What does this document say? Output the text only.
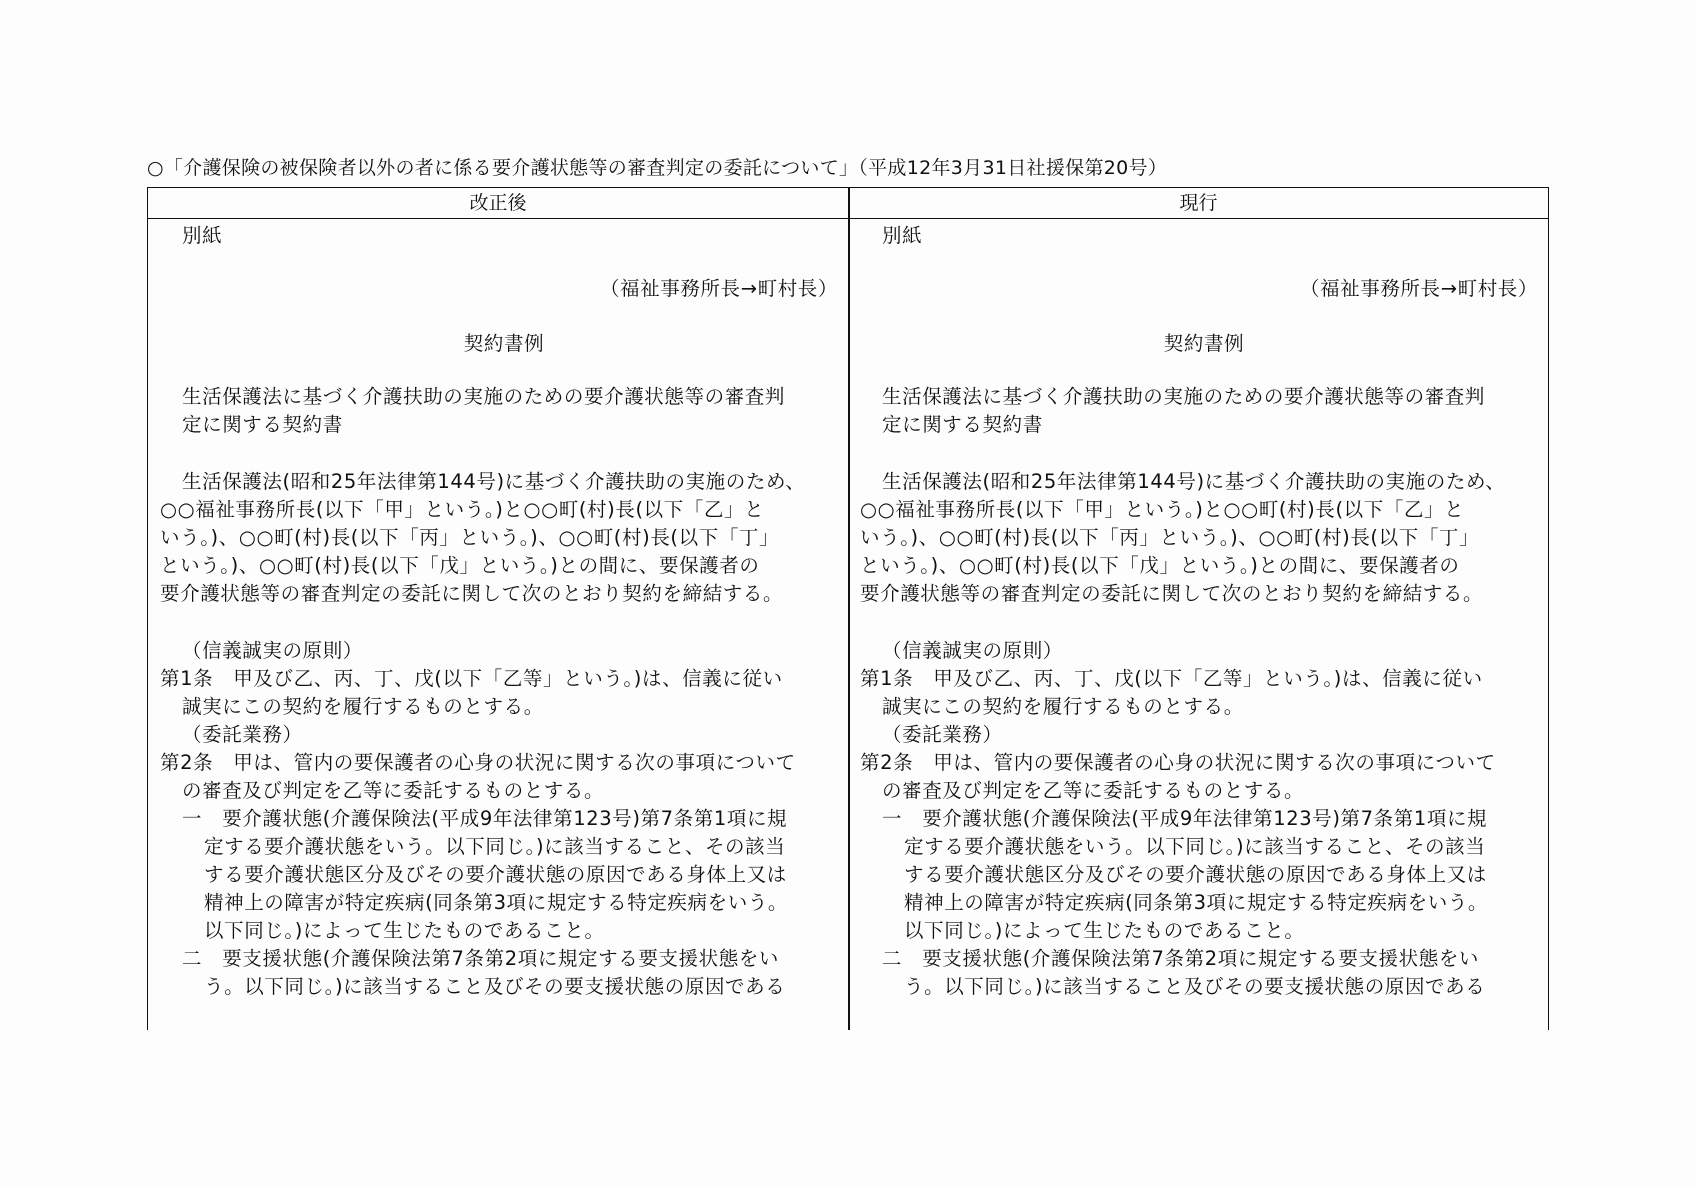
○「介護保険の被保険者以外の者に係る要介護状態等の審査判定の委託について」（平成12年3月31日社援保第20号）
改正後	現行
別紙
（福祉事務所長→町村長）
契約書例
生活保護法に基づく介護扶助の実施のための要介護状態等の審査判
定に関する契約書
生活保護法(昭和25年法律第144号)に基づく介護扶助の実施のため、
○○福祉事務所長(以下「甲」という。)と○○町(村)長(以下「乙」と
いう。)、○○町(村)長(以下「丙」という。)、○○町(村)長(以下「丁」
という。)、○○町(村)長(以下「戊」という。)との間に、要保護者の
要介護状態等の審査判定の委託に関して次のとおり契約を締結する。
（信義誠実の原則）
第1条　甲及び乙、丙、丁、戊(以下「乙等」という。)は、信義に従い
誠実にこの契約を履行するものとする。
（委託業務）
第2条　甲は、管内の要保護者の心身の状況に関する次の事項について
の審査及び判定を乙等に委託するものとする。
一　要介護状態(介護保険法(平成9年法律第123号)第7条第1項に規
定する要介護状態をいう。以下同じ。)に該当すること、その該当
する要介護状態区分及びその要介護状態の原因である身体上又は
精神上の障害が特定疾病(同条第3項に規定する特定疾病をいう。
以下同じ。)によって生じたものであること。
二　要支援状態(介護保険法第7条第2項に規定する要支援状態をい
う。以下同じ。)に該当すること及びその要支援状態の原因である
別紙
（福祉事務所長→町村長）
契約書例
生活保護法に基づく介護扶助の実施のための要介護状態等の審査判
定に関する契約書
生活保護法(昭和25年法律第144号)に基づく介護扶助の実施のため、
○○福祉事務所長(以下「甲」という。)と○○町(村)長(以下「乙」と
いう。)、○○町(村)長(以下「丙」という。)、○○町(村)長(以下「丁」
という。)、○○町(村)長(以下「戊」という。)との間に、要保護者の
要介護状態等の審査判定の委託に関して次のとおり契約を締結する。
（信義誠実の原則）
第1条　甲及び乙、丙、丁、戊(以下「乙等」という。)は、信義に従い
誠実にこの契約を履行するものとする。
（委託業務）
第2条　甲は、管内の要保護者の心身の状況に関する次の事項について
の審査及び判定を乙等に委託するものとする。
一　要介護状態(介護保険法(平成9年法律第123号)第7条第1項に規
定する要介護状態をいう。以下同じ。)に該当すること、その該当
する要介護状態区分及びその要介護状態の原因である身体上又は
精神上の障害が特定疾病(同条第3項に規定する特定疾病をいう。
以下同じ。)によって生じたものであること。
二　要支援状態(介護保険法第7条第2項に規定する要支援状態をい
う。以下同じ。)に該当すること及びその要支援状態の原因である
